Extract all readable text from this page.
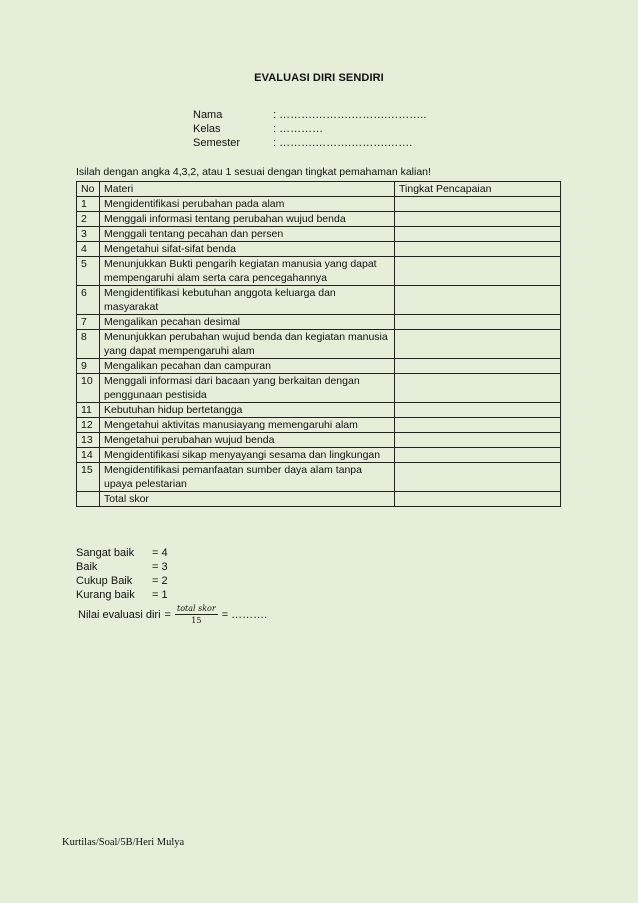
EVALUASI DIRI SENDIRI
Nama	: ……….……….……….………..
Kelas	: …………
Semester	: ……….……….……….…….
Isilah dengan angka 4,3,2, atau 1 sesuai dengan tingkat pemahaman kalian!
No	Materi	Tingkat Pencapaian
1	Mengidentifikasi perubahan pada alam	
2	Menggali informasi tentang perubahan wujud benda	
3	Menggali tentang pecahan dan persen	
4	Mengetahui sifat-sifat benda	
5	Menunjukkan Bukti pengarih kegiatan manusia yang dapat mempengaruhi alam serta cara pencegahannya	
6	Mengidentifikasi kebutuhan anggota keluarga dan masyarakat	
7	Mengalikan pecahan desimal	
8	Menunjukkan perubahan wujud benda dan kegiatan manusia yang dapat mempengaruhi alam	
9	Mengalikan pecahan dan campuran	
10	Menggali informasi dari bacaan yang berkaitan dengan penggunaan pestisida	
11	Kebutuhan hidup bertetangga	
12	Mengetahui aktivitas manusiayang memengaruhi alam	
13	Mengetahui perubahan wujud benda	
14	Mengidentifikasi sikap menyayangi sesama dan lingkungan	
15	Mengidentifikasi pemanfaatan sumber daya alam tanpa upaya pelestarian	
	Total skor	
Sangat baik = 4
Baik	= 3
Cukup Baik = 2
Kurang baik = 1
Nilai evaluasi diri = $\frac{\text{total skor}}{15}$ = ……….
Kurtilas/Soal/5B/Heri Mulya
